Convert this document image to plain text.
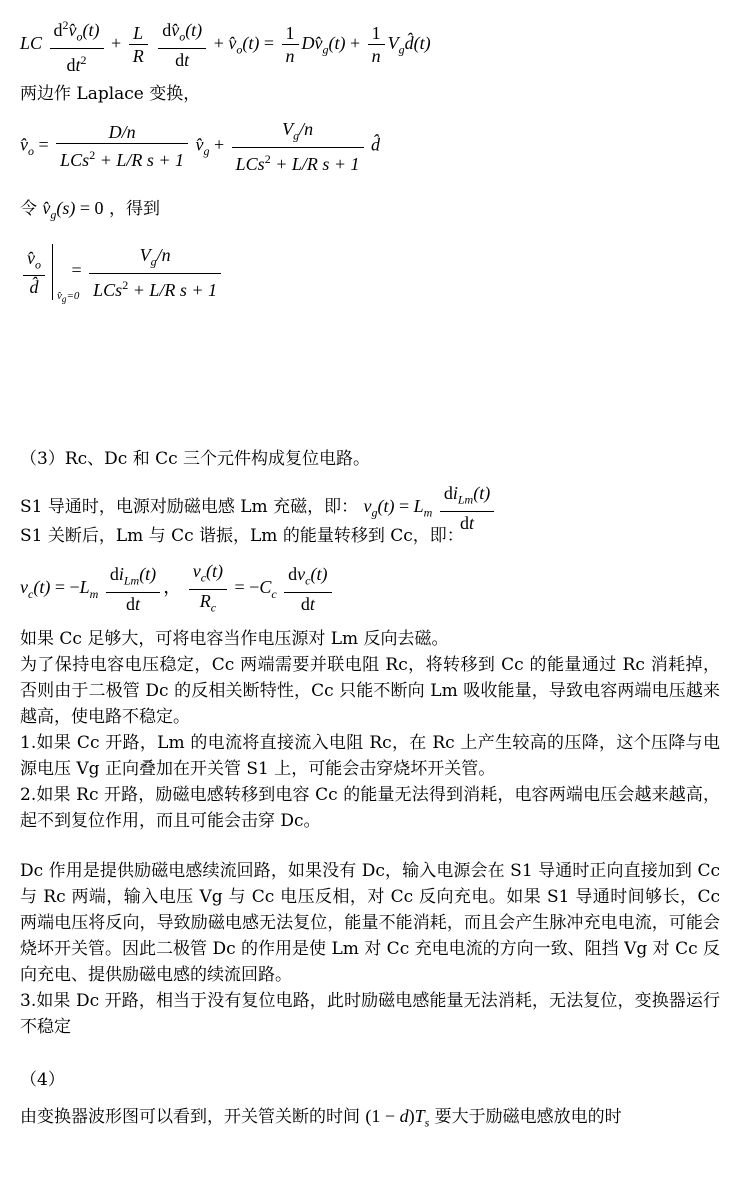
LC $\frac{d^2v̂_o(t)}{dt^2} + \frac{L}{R}$
$\frac{dv̂_o(t)}{dt}$ + $v̂_o(t) = \frac{1}{n}$ $Dv̂_g(t) + \frac{1}{n}$ $V_gd̂(t)$
两边作 Laplace 变换，
$v̂_o = \frac{D/n}{LCs^2 + L/R s + 1}$ $v̂_g + \frac{V_g/n}{LCs^2 + L/R s + 1}$ d̂
令 $v̂_g(s) = 0$ ，得到
$\frac{v̂_o}{d̂}$ $v̂_g=0$
= $\frac{V_g/n}{LCs^2 + L/R s + 1}$
（3）Rc、Dc 和 Cc 三个元件构成复位电路。
S1 导通时，电源对励磁电感 Lm 充磁，即： $v_g(t) = L_m \frac{di_{Lm}(t)}{dt}$
S1 关断后，Lm 与 Cc 谐振，Lm 的能量转移到 Cc，即：
$v_c(t) = -L_m \frac{di_{Lm}(t)}{dt}$ ， $\frac{v_c(t)}{R_c} = -C_c \frac{dv_c(t)}{dt}$
如果 Cc 足够大，可将电容当作电压源对 Lm 反向去磁。
为了保持电容电压稳定，Cc 两端需要并联电阻 Rc，将转移到 Cc 的能量通过 Rc 消耗掉，否则由于二极管 Dc 的反相关断特性，Cc 只能不断向 Lm 吸收能量，导致电容两端电压越来越高，使电路不稳定。
1.如果 Cc 开路，Lm 的电流将直接流入电阻 Rc，在 Rc 上产生较高的压降，这个压降与电源电压 Vg 正向叠加在开关管 S1 上，可能会击穿烧坏开关管。
2.如果 Rc 开路，励磁电感转移到电容 Cc 的能量无法得到消耗，电容两端电压会越来越高，起不到复位作用，而且可能会击穿 Dc。
Dc 作用是提供励磁电感续流回路，如果没有 Dc，输入电源会在 S1 导通时正向直接加到 Cc 与 Rc 两端，输入电压 Vg 与 Cc 电压反相，对 Cc 反向充电。如果 S1 导通时间够长，Cc 两端电压将反向，导致励磁电感无法复位，能量不能消耗，而且会产生脉冲充电电流，可能会烧坏开关管。因此二极管 Dc 的作用是使 Lm 对 Cc 充电电流的方向一致、阻挡 Vg 对 Cc 反向充电、提供励磁电感的续流回路。
3.如果 Dc 开路，相当于没有复位电路，此时励磁电感能量无法消耗，无法复位，变换器运行不稳定
（4）
由变换器波形图可以看到，开关管关断的时间 $(1 - d)T_s$ 要大于励磁电感放电的时
